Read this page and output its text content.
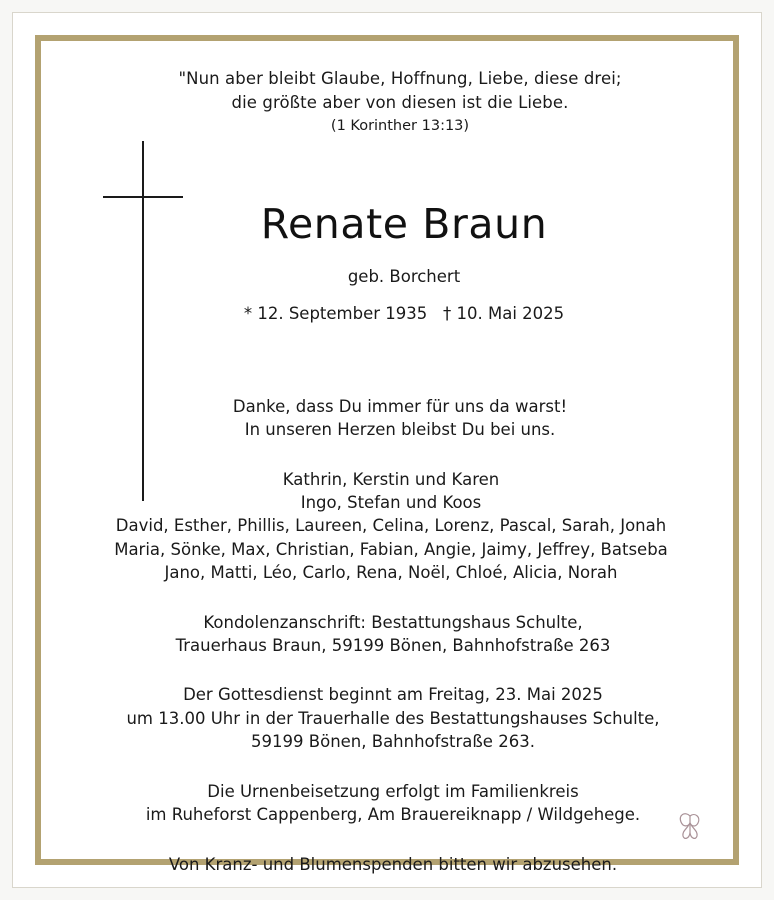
"Nun aber bleibt Glaube, Hoffnung, Liebe, diese drei;
die größte aber von diesen ist die Liebe.
(1 Korinther 13:13)
Renate Braun
geb. Borchert
* 12. September 1935   † 10. Mai 2025
Danke, dass Du immer für uns da warst!
In unseren Herzen bleibst Du bei uns.
Kathrin, Kerstin und Karen
Ingo, Stefan und Koos
David, Esther, Phillis, Laureen, Celina, Lorenz, Pascal, Sarah, Jonah
Maria, Sönke, Max, Christian, Fabian, Angie, Jaimy, Jeffrey, Batseba
Jano, Matti, Léo, Carlo, Rena, Noël, Chloé, Alicia, Norah
Kondolenzanschrift: Bestattungshaus Schulte,
Trauerhaus Braun, 59199 Bönen, Bahnhofstraße 263
Der Gottesdienst beginnt am Freitag, 23. Mai 2025
um 13.00 Uhr in der Trauerhalle des Bestattungshauses Schulte,
59199 Bönen, Bahnhofstraße 263.
Die Urnenbeisetzung erfolgt im Familienkreis
im Ruheforst Cappenberg, Am Brauereiknapp / Wildgehege.
Von Kranz- und Blumenspenden bitten wir abzusehen.
